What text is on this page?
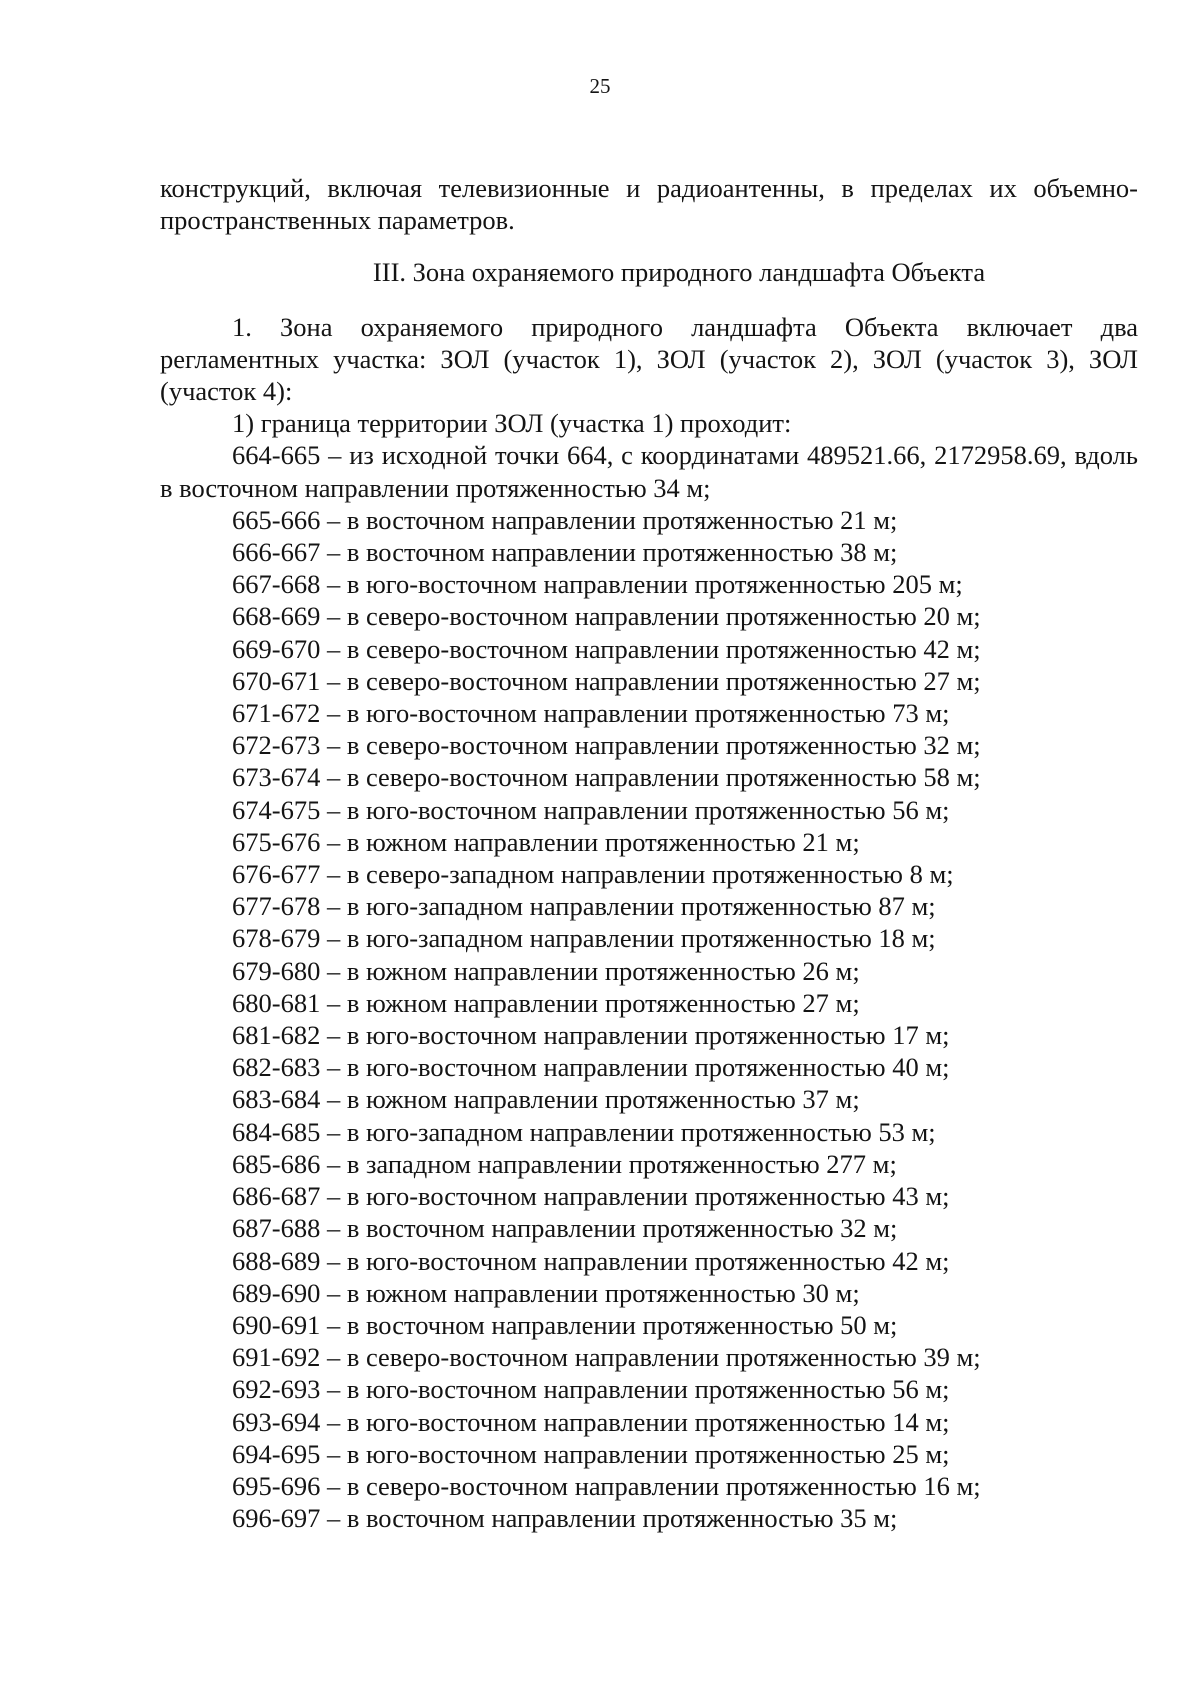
25

конструкций, включая телевизионные и радиоантенны, в пределах их объемно-пространственных параметров.

III. Зона охраняемого природного ландшафта Объекта

1. Зона охраняемого природного ландшафта Объекта включает два регламентных участка: ЗОЛ (участок 1), ЗОЛ (участок 2), ЗОЛ (участок 3), ЗОЛ (участок 4):

1) граница территории ЗОЛ (участка 1) проходит:

664-665 – из исходной точки 664, с координатами 489521.66, 2172958.69, вдоль в восточном направлении протяженностью 34 м;

665-666 – в восточном направлении протяженностью 21 м;

666-667 – в восточном направлении протяженностью 38 м;

667-668 – в юго-восточном направлении протяженностью 205 м;

668-669 – в северо-восточном направлении протяженностью 20 м;

669-670 – в северо-восточном направлении протяженностью 42 м;

670-671 – в северо-восточном направлении протяженностью 27 м;

671-672 – в юго-восточном направлении протяженностью 73 м;

672-673 – в северо-восточном направлении протяженностью 32 м;

673-674 – в северо-восточном направлении протяженностью 58 м;

674-675 – в юго-восточном направлении протяженностью 56 м;

675-676 – в южном направлении протяженностью 21 м;

676-677 – в северо-западном направлении протяженностью 8 м;

677-678 – в юго-западном направлении протяженностью 87 м;

678-679 – в юго-западном направлении протяженностью 18 м;

679-680 – в южном направлении протяженностью 26 м;

680-681 – в южном направлении протяженностью 27 м;

681-682 – в юго-восточном направлении протяженностью 17 м;

682-683 – в юго-восточном направлении протяженностью 40 м;

683-684 – в южном направлении протяженностью 37 м;

684-685 – в юго-западном направлении протяженностью 53 м;

685-686 – в западном направлении протяженностью 277 м;

686-687 – в юго-восточном направлении протяженностью 43 м;

687-688 – в восточном направлении протяженностью 32 м;

688-689 – в юго-восточном направлении протяженностью 42 м;

689-690 – в южном направлении протяженностью 30 м;

690-691 – в восточном направлении протяженностью 50 м;

691-692 – в северо-восточном направлении протяженностью 39 м;

692-693 – в юго-восточном направлении протяженностью 56 м;

693-694 – в юго-восточном направлении протяженностью 14 м;

694-695 – в юго-восточном направлении протяженностью 25 м;

695-696 – в северо-восточном направлении протяженностью 16 м;

696-697 – в восточном направлении протяженностью 35 м;
